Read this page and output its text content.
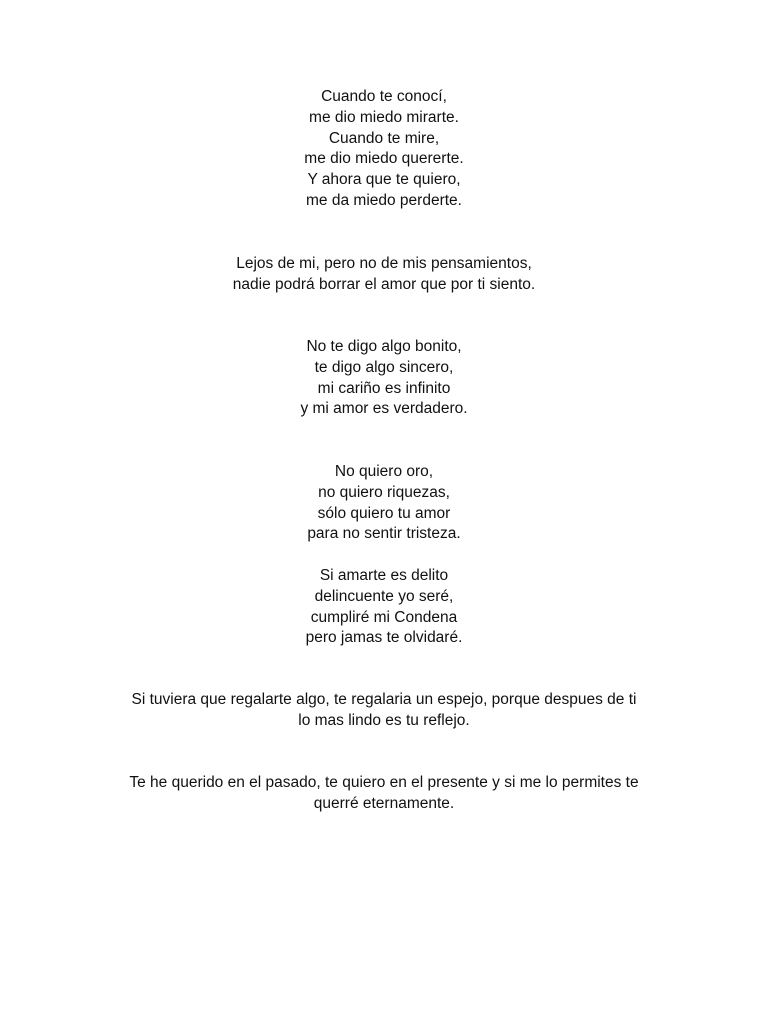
Cuando te conocí,
me dio miedo mirarte.
Cuando te mire,
me dio miedo quererte.
Y ahora que te quiero,
me da miedo perderte.
Lejos de mi, pero no de mis pensamientos,
nadie podrá borrar el amor que por ti siento.
No te digo algo bonito,
te digo algo sincero,
mi cariño es infinito
y mi amor es verdadero.
No quiero oro,
no quiero riquezas,
sólo quiero tu amor
para no sentir tristeza.
Si amarte es delito
delincuente yo seré,
cumpliré mi Condena
pero jamas te olvidaré.
Si tuviera que regalarte algo, te regalaria un espejo, porque despues de ti
lo mas lindo es tu reflejo.
Te he querido en el pasado, te quiero en el presente y si me lo permites te
querré eternamente.
